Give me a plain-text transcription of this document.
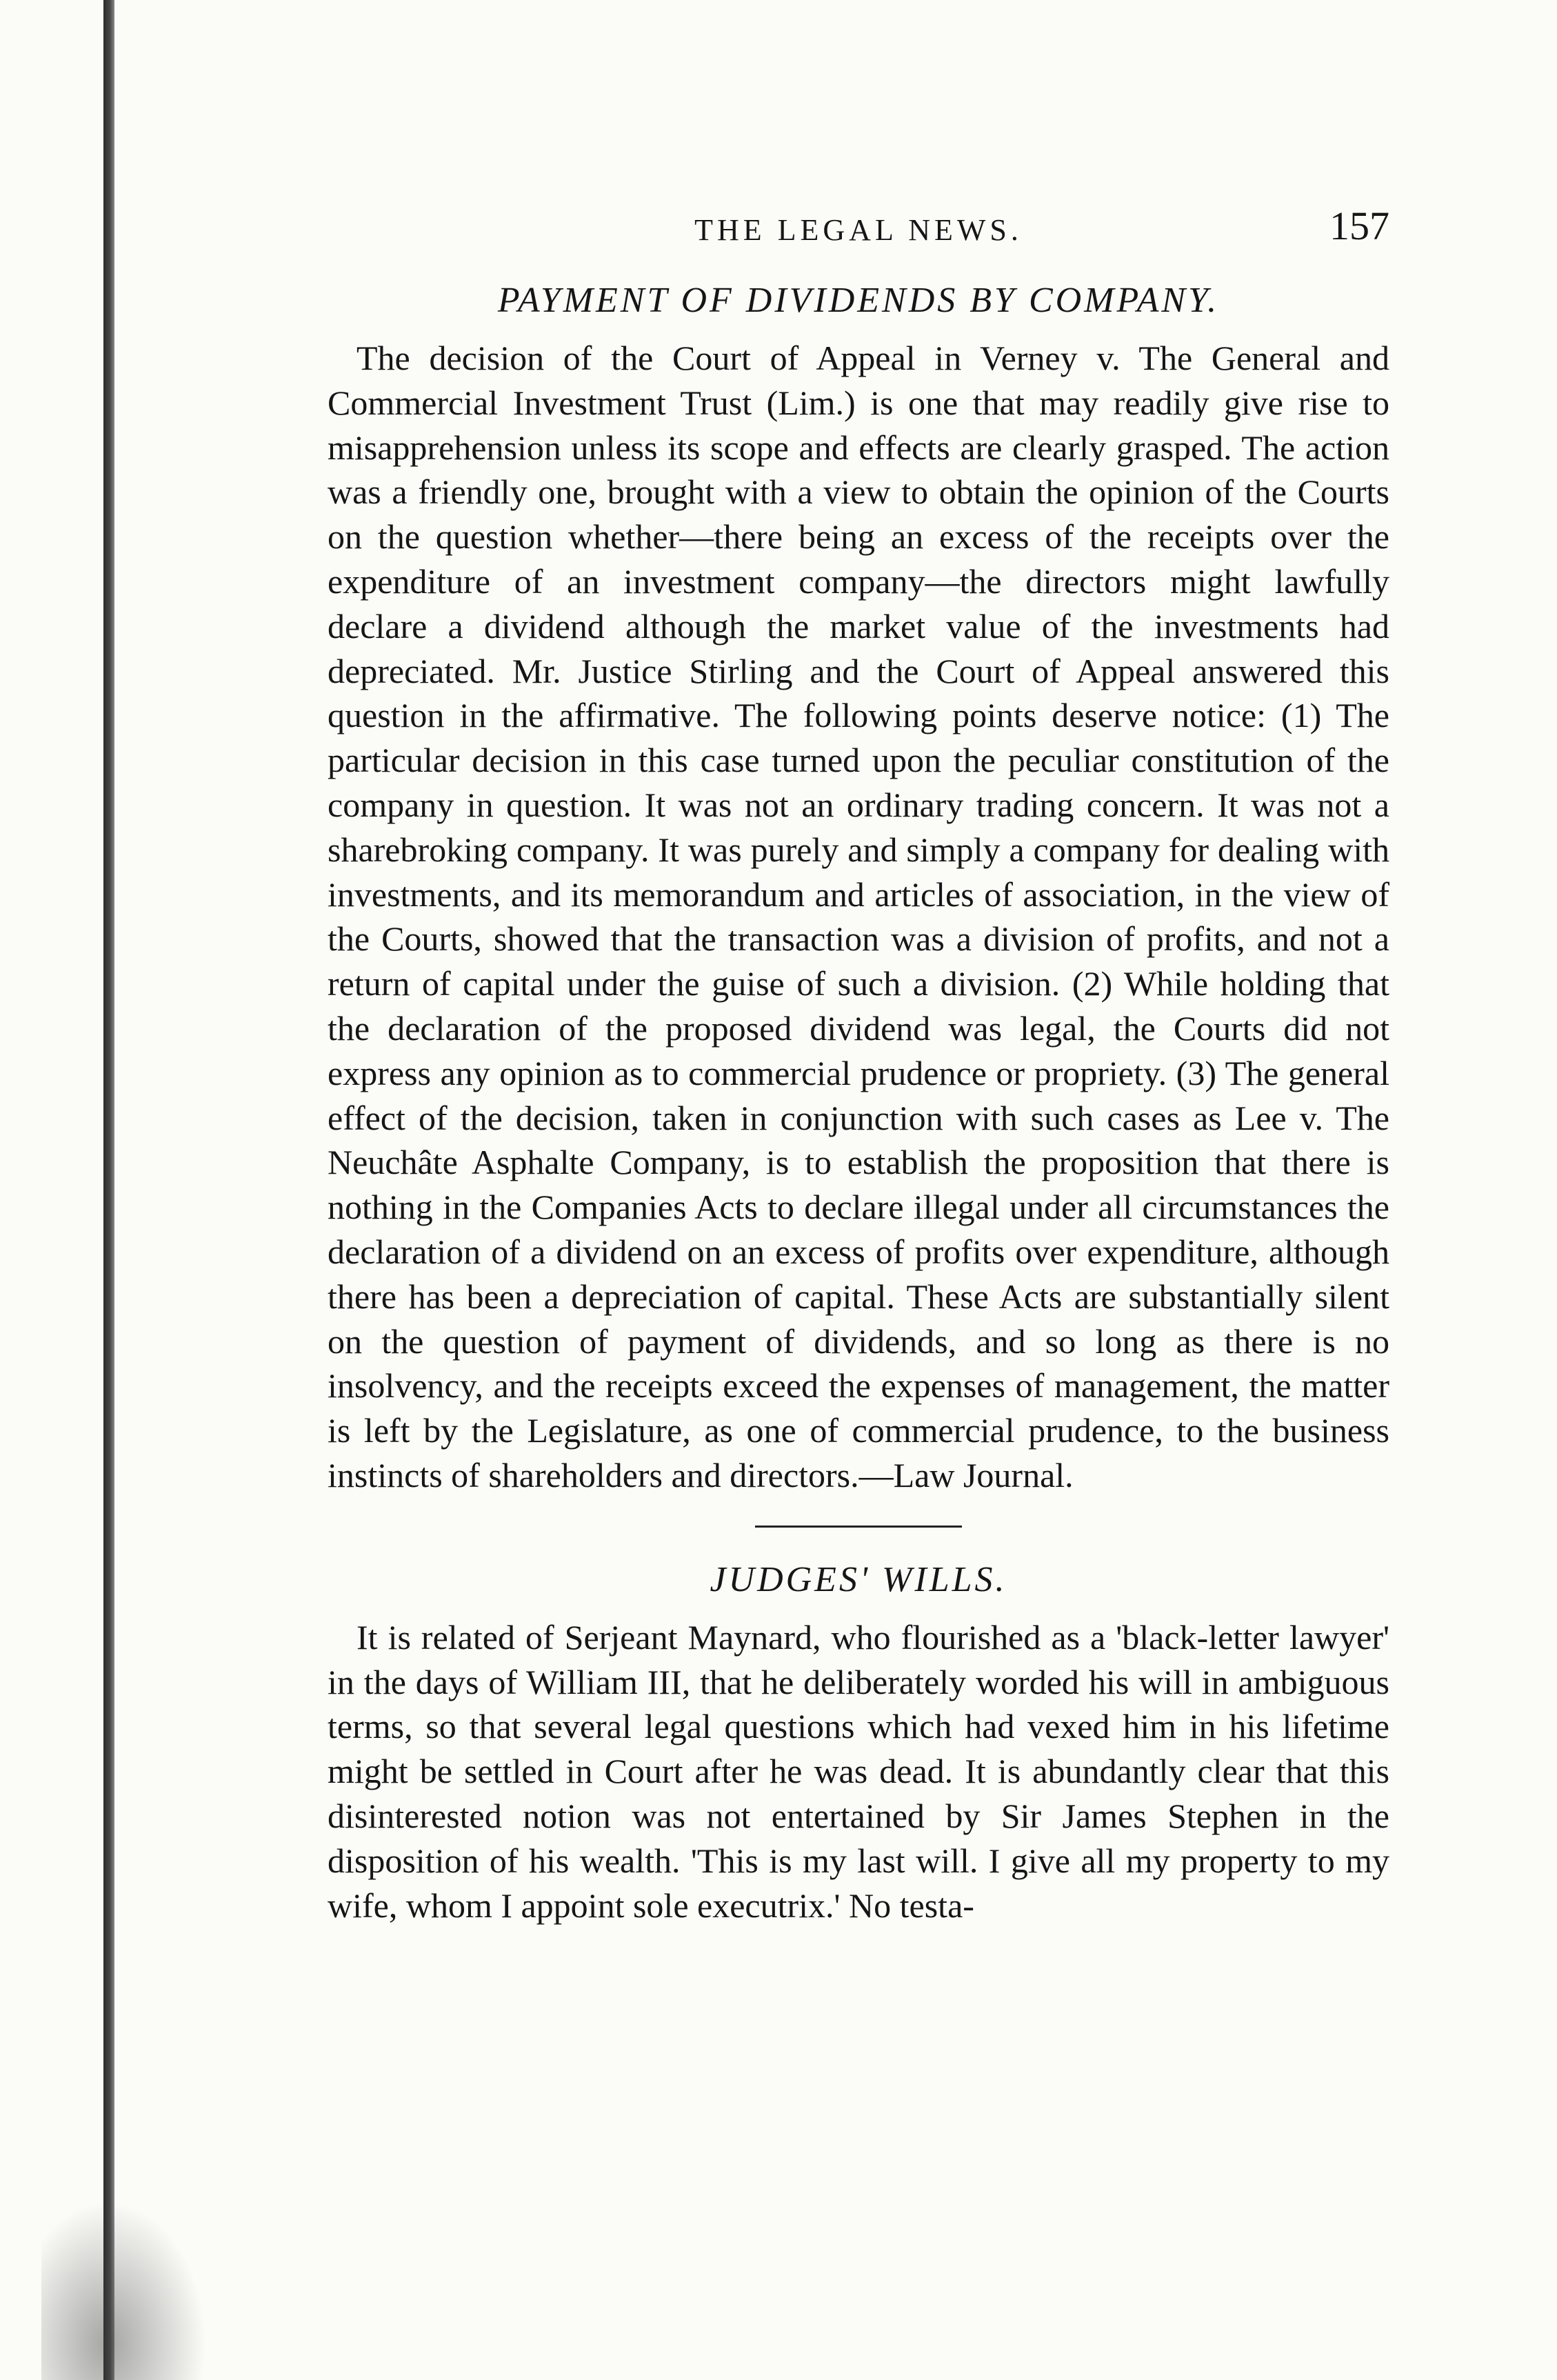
THE LEGAL NEWS.	157
PAYMENT OF DIVIDENDS BY COMPANY.

The decision of the Court of Appeal in Verney v. The General and Commercial Investment Trust (Lim.) is one that may readily give rise to misapprehension unless its scope and effects are clearly grasped. The action was a friendly one, brought with a view to obtain the opinion of the Courts on the question whether—there being an excess of the receipts over the expenditure of an investment company—the directors might lawfully declare a dividend although the market value of the investments had depreciated. Mr. Justice Stirling and the Court of Appeal answered this question in the affirmative. The following points deserve notice: (1) The particular decision in this case turned upon the peculiar constitution of the company in question. It was not an ordinary trading concern. It was not a sharebroking company. It was purely and simply a company for dealing with investments, and its memorandum and articles of association, in the view of the Courts, showed that the transaction was a division of profits, and not a return of capital under the guise of such a division. (2) While holding that the declaration of the proposed dividend was legal, the Courts did not express any opinion as to commercial prudence or propriety. (3) The general effect of the decision, taken in conjunction with such cases as Lee v. The Neuchâte Asphalte Company, is to establish the proposition that there is nothing in the Companies Acts to declare illegal under all circumstances the declaration of a dividend on an excess of profits over expenditure, although there has been a depreciation of capital. These Acts are substantially silent on the question of payment of dividends, and so long as there is no insolvency, and the receipts exceed the expenses of management, the matter is left by the Legislature, as one of commercial prudence, to the business instincts of shareholders and directors.—Law Journal.

JUDGES' WILLS.

It is related of Serjeant Maynard, who flourished as a 'black-letter lawyer' in the days of William III, that he deliberately worded his will in ambiguous terms, so that several legal questions which had vexed him in his lifetime might be settled in Court after he was dead. It is abundantly clear that this disinterested notion was not entertained by Sir James Stephen in the disposition of his wealth. 'This is my last will. I give all my property to my wife, whom I appoint sole executrix.' No testa-
